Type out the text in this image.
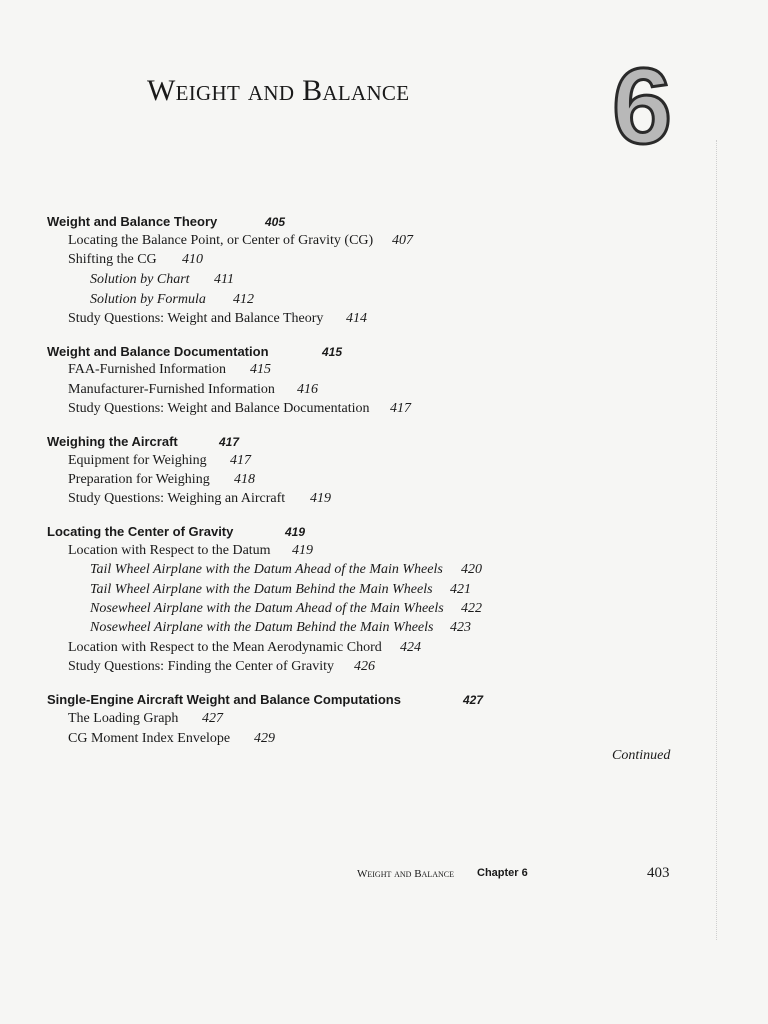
Weight and Balance 6
Weight and Balance Theory	405
Locating the Balance Point, or Center of Gravity (CG) 407
Shifting the CG 410
Solution by Chart 411
Solution by Formula 412
Study Questions: Weight and Balance Theory 414
Weight and Balance Documentation	415
FAA-Furnished Information 415
Manufacturer-Furnished Information 416
Study Questions: Weight and Balance Documentation 417
Weighing the Aircraft	417
Equipment for Weighing 417
Preparation for Weighing 418
Study Questions: Weighing an Aircraft 419
Locating the Center of Gravity	419
Location with Respect to the Datum 419
Tail Wheel Airplane with the Datum Ahead of the Main Wheels 420
Tail Wheel Airplane with the Datum Behind the Main Wheels 421
Nosewheel Airplane with the Datum Ahead of the Main Wheels 422
Nosewheel Airplane with the Datum Behind the Main Wheels 423
Location with Respect to the Mean Aerodynamic Chord 424
Study Questions: Finding the Center of Gravity 426
Single-Engine Aircraft Weight and Balance Computations	427
The Loading Graph 427
CG Moment Index Envelope 429
Continued
Weight and Balance Chapter 6	403
